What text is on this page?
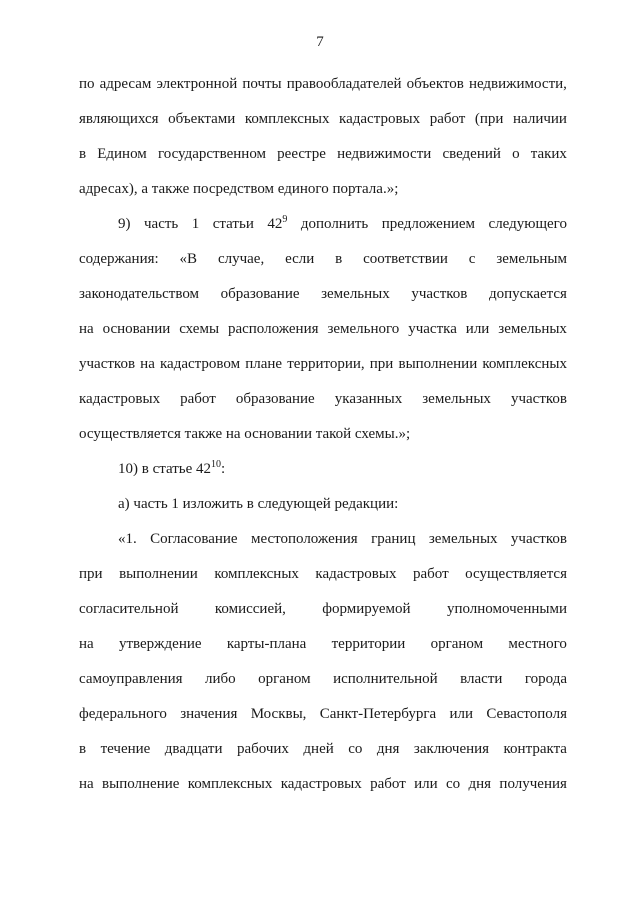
7
по адресам электронной почты правообладателей объектов недвижимости,
являющихся объектами комплексных кадастровых работ (при наличии
в Едином государственном реестре недвижимости сведений о таких
адресах), а также посредством единого портала.»;
9) часть 1 статьи $42^9$ дополнить предложением следующего
содержания: «В случае, если в соответствии с земельным
законодательством образование земельных участков допускается
на основании схемы расположения земельного участка или земельных
участков на кадастровом плане территории, при выполнении комплексных
кадастровых работ образование указанных земельных участков
осуществляется также на основании такой схемы.»;
10) в статье $42^{10}$:
а) часть 1 изложить в следующей редакции:
«1. Согласование местоположения границ земельных участков
при выполнении комплексных кадастровых работ осуществляется
согласительной комиссией, формируемой уполномоченными
на утверждение карты-плана территории органом местного
самоуправления либо органом исполнительной власти города
федерального значения Москвы, Санкт-Петербурга или Севастополя
в течение двадцати рабочих дней со дня заключения контракта
на выполнение комплексных кадастровых работ или со дня получения
